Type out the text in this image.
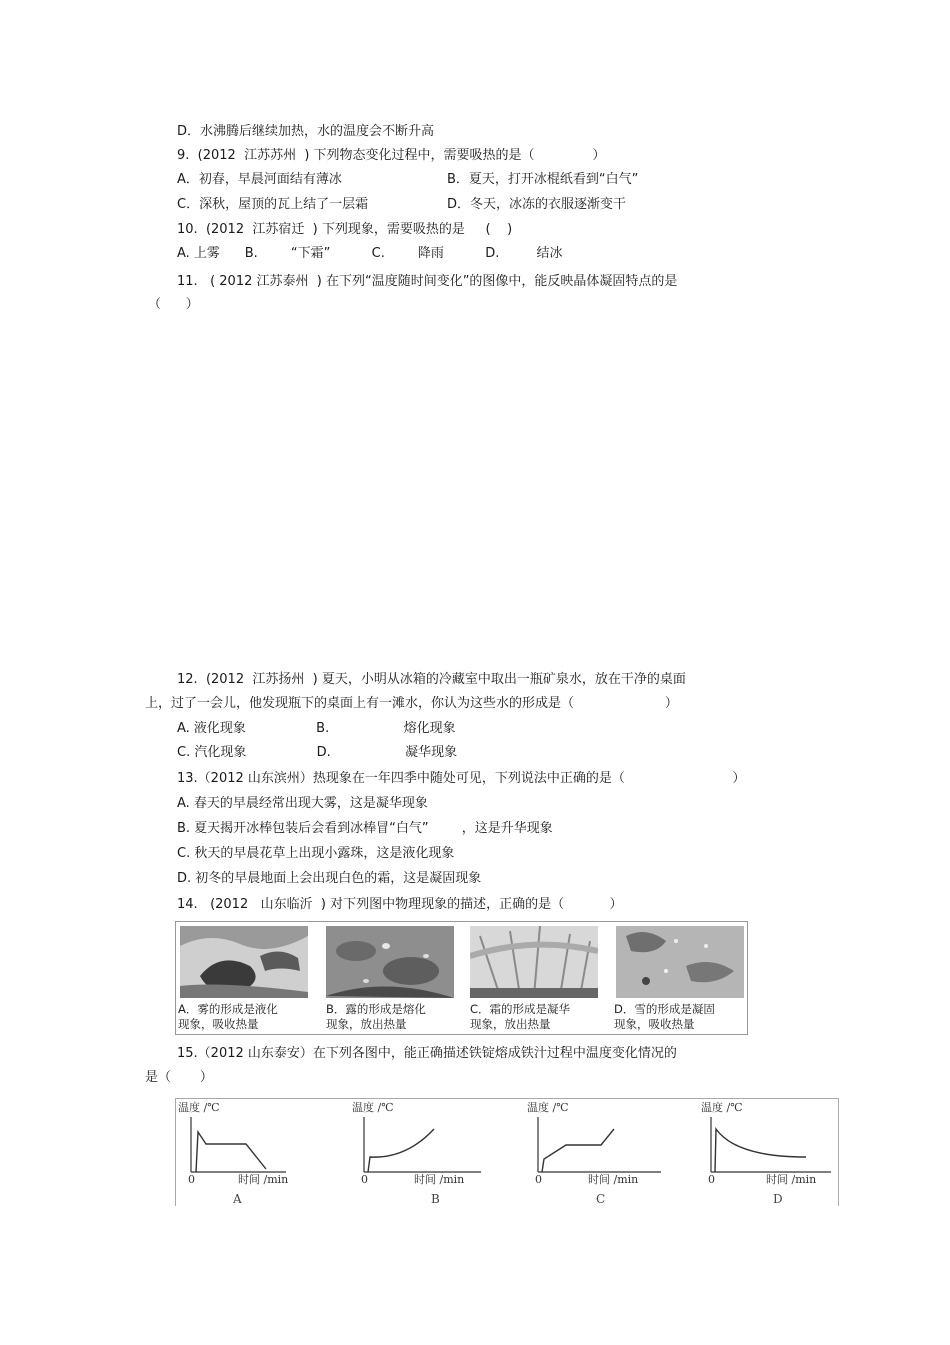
D．水沸腾后继续加热，水的温度会不断升高
9.  (2012  江苏苏州  ) 下列物态变化过程中，需要吸热的是（              ）
A．初春，早晨河面结有薄冰	B．夏天，打开冰棍纸看到“白气”
C．深秋，屋顶的瓦上结了一层霜	D．冬天，冰冻的衣服逐渐变干
10.  (2012  江苏宿迁  ) 下列现象，需要吸热的是     (    )
A. 上雾      B.        “下霜”          C.        降雨          D.         结冰
11.   ( 2012 江苏泰州  ) 在下列“温度随时间变化”的图像中，能反映晶体凝固特点的是
（      ）
12.  (2012  江苏扬州  ) 夏天，小明从冰箱的冷藏室中取出一瓶矿泉水，放在干净的桌面
上，过了一会儿，他发现瓶下的桌面上有一滩水，你认为这些水的形成是（                      ）
A. 液化现象                 B.                  熔化现象
C. 汽化现象                 D.                  凝华现象
13.（2012 山东滨州）热现象在一年四季中随处可见，下列说法中正确的是（                          ）
A. 春天的早晨经常出现大雾，这是凝华现象
B. 夏天揭开冰棒包装后会看到冰棒冒“白气”        ，这是升华现象
C. 秋天的早晨花草上出现小露珠，这是液化现象
D. 初冬的早晨地面上会出现白色的霜，这是凝固现象
14.   (2012   山东临沂  ) 对下列图中物理现象的描述，正确的是（           ）
A．雾的形成是液化
现象，吸收热量
B．露的形成是熔化
现象，放出热量
C．霜的形成是凝华
现象，放出热量
D．雪的形成是凝固
现象，吸收热量
15.（2012 山东泰安）在下列各图中，能正确描述铁锭熔成铁汁过程中温度变化情况的
是（       ）
温度 /℃
0	时间 /min
A
温度 /℃
0	时间 /min
B
温度 /℃
0	时间 /min
C
温度 /℃
0	时间 /min
D
